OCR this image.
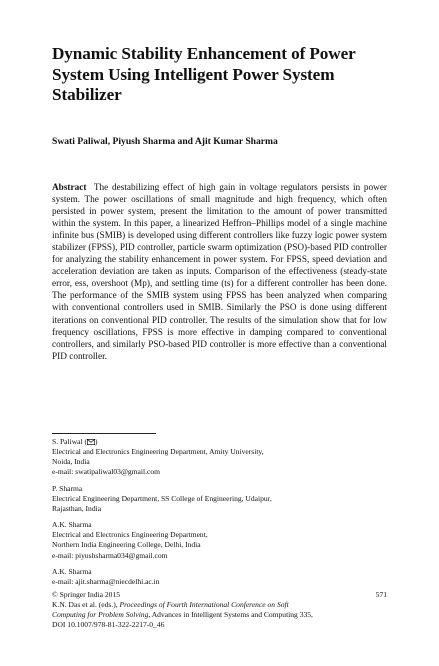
Dynamic Stability Enhancement of Power System Using Intelligent Power System Stabilizer
Swati Paliwal, Piyush Sharma and Ajit Kumar Sharma
Abstract The destabilizing effect of high gain in voltage regulators persists in power system. The power oscillations of small magnitude and high frequency, which often persisted in power system, present the limitation to the amount of power transmitted within the system. In this paper, a linearized Heffron–Phillips model of a single machine infinite bus (SMIB) is developed using different controllers like fuzzy logic power system stabilizer (FPSS), PID controller, particle swarm optimization (PSO)-based PID controller for analyzing the stability enhancement in power system. For FPSS, speed deviation and acceleration deviation are taken as inputs. Comparison of the effectiveness (steady-state error, ess, overshoot (Mp), and settling time (ts) for a different controller has been done. The performance of the SMIB system using FPSS has been analyzed when comparing with conventional controllers used in SMIB. Similarly the PSO is done using different iterations on conventional PID controller. The results of the simulation show that for low frequency oscillations, FPSS is more effective in damping compared to conventional controllers, and similarly PSO-based PID controller is more effective than a conventional PID controller.
S. Paliwal ( )
Electrical and Electronics Engineering Department, Amity University,
Noida, India
e-mail: swatipaliwal03@gmail.com
P. Sharma
Electrical Engineering Department, SS College of Engineering, Udaipur,
Rajasthan, India
A.K. Sharma
Electrical and Electronics Engineering Department,
Northern India Engineering College, Delhi, India
e-mail: piyushsharma034@gmail.com
A.K. Sharma
e-mail: ajit.sharma@niecdelhi.ac.in
571
© Springer India 2015
K.N. Das et al. (eds.), Proceedings of Fourth International Conference on Soft
Computing for Problem Solving, Advances in Intelligent Systems and Computing 335,
DOI 10.1007/978-81-322-2217-0_46
